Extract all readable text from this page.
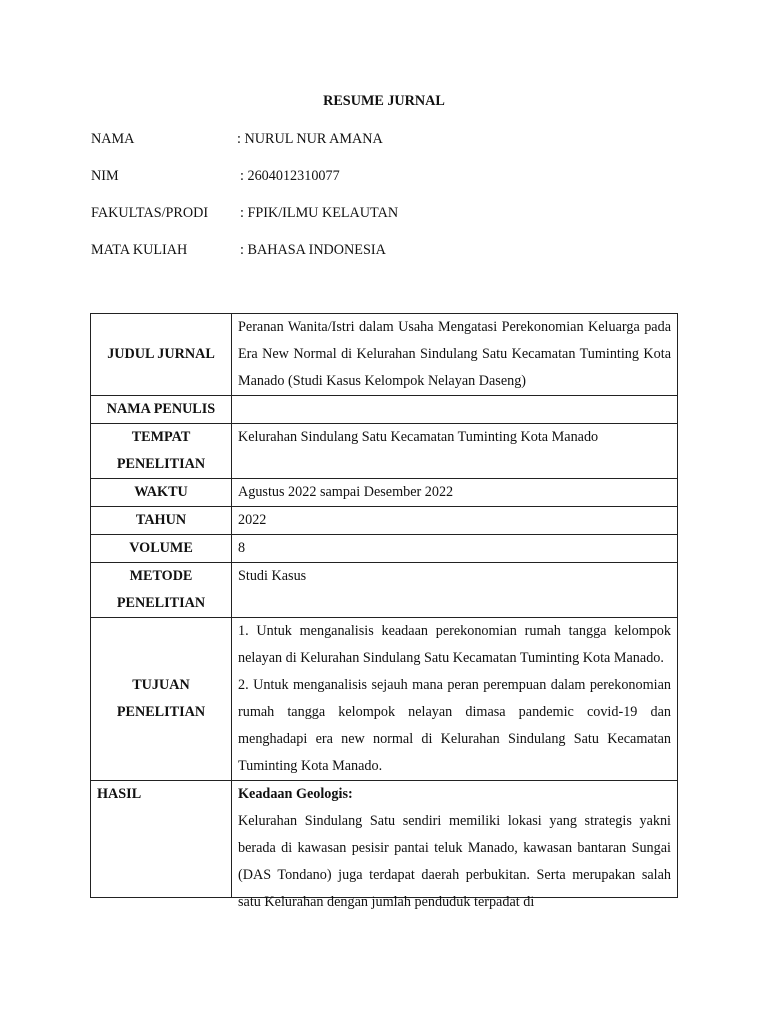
RESUME JURNAL
NAMA	: NURUL NUR AMANA
NIM	: 2604012310077
FAKULTAS/PRODI : FPIK/ILMU KELAUTAN
MATA KULIAH	: BAHASA INDONESIA
JUDUL JURNAL	Peranan Wanita/Istri dalam Usaha Mengatasi Perekonomian Keluarga pada Era New Normal di Kelurahan Sindulang Satu Kecamatan Tuminting Kota Manado (Studi Kasus Kelompok Nelayan Daseng)
NAMA PENULIS	
TEMPAT PENELITIAN	Kelurahan Sindulang Satu Kecamatan Tuminting Kota Manado
WAKTU	Agustus 2022 sampai Desember 2022
TAHUN	2022
VOLUME	8
METODE PENELITIAN	Studi Kasus
TUJUAN PENELITIAN	1. Untuk menganalisis keadaan perekonomian rumah tangga kelompok nelayan di Kelurahan Sindulang Satu Kecamatan Tuminting Kota Manado.
2. Untuk menganalisis sejauh mana peran perempuan dalam perekonomian rumah tangga kelompok nelayan dimasa pandemic covid-19 dan menghadapi era new normal di Kelurahan Sindulang Satu Kecamatan Tuminting Kota Manado.

HASIL	Keadaan Geologis:
Kelurahan Sindulang Satu sendiri memiliki lokasi yang strategis yakni berada di kawasan pesisir pantai teluk Manado, kawasan bantaran Sungai (DAS Tondano) juga terdapat daerah perbukitan. Serta merupakan salah satu Kelurahan dengan jumlah penduduk terpadat di
